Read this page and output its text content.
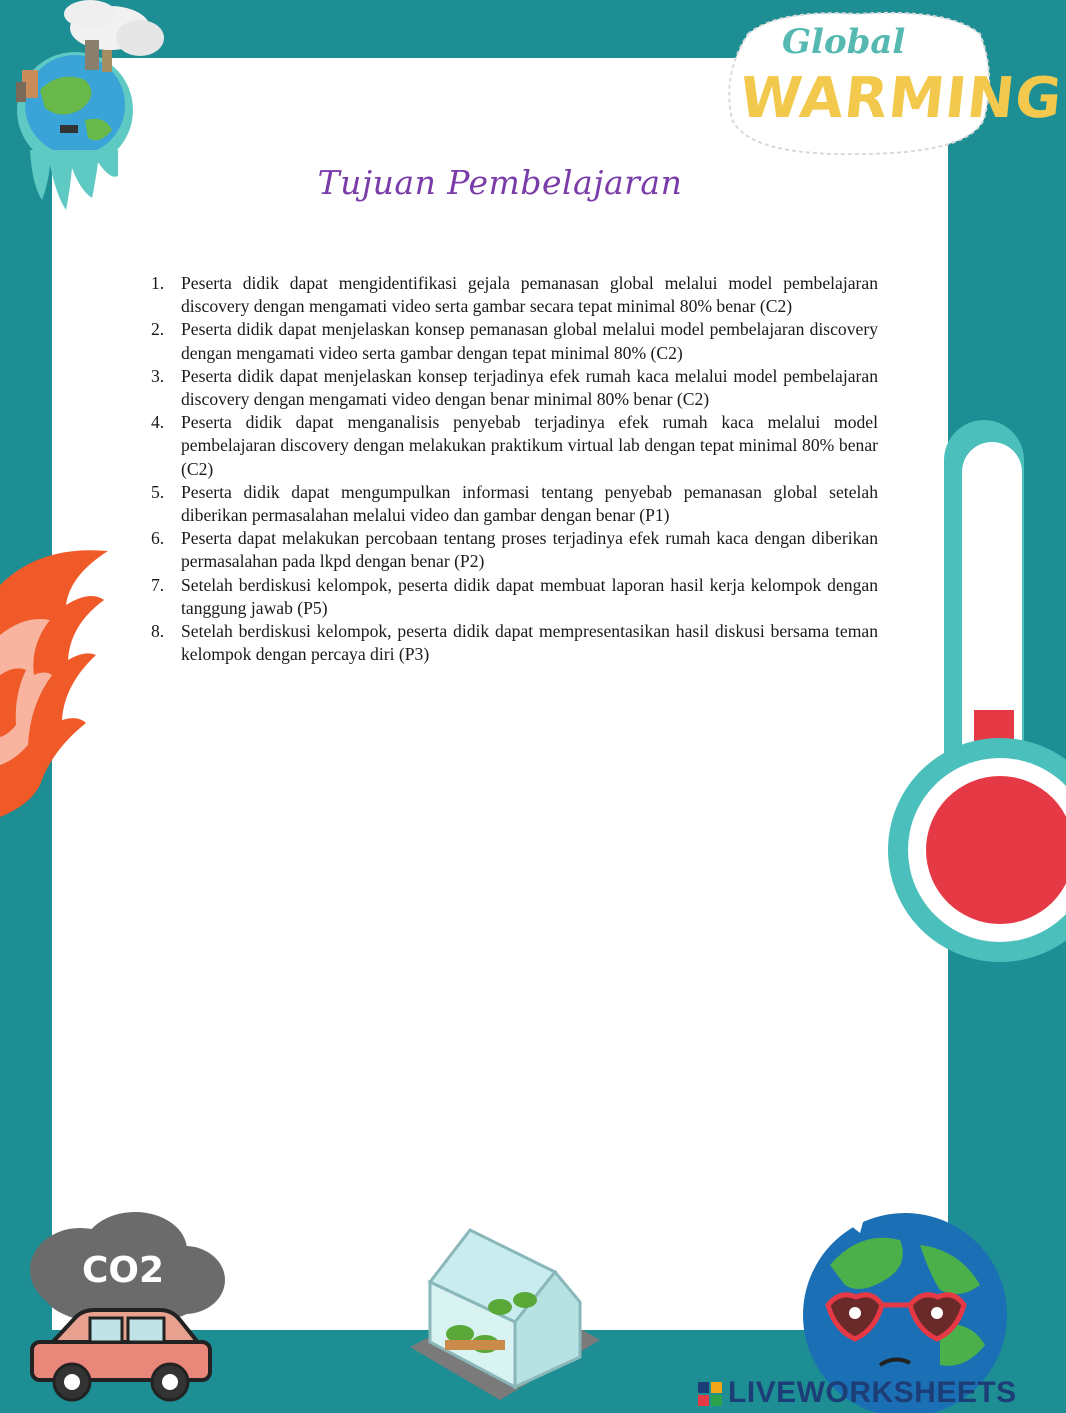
Global
WARMING
Tujuan Pembelajaran
1. Peserta didik dapat mengidentifikasi gejala pemanasan global melalui model pembelajaran discovery dengan mengamati video serta gambar secara tepat minimal 80% benar (C2)
2. Peserta didik dapat menjelaskan konsep pemanasan global melalui model pembelajaran discovery dengan mengamati video serta gambar dengan tepat minimal 80% (C2)
3. Peserta didik dapat menjelaskan konsep terjadinya efek rumah kaca melalui model pembelajaran discovery dengan mengamati video dengan benar minimal 80% benar (C2)
4. Peserta didik dapat menganalisis penyebab terjadinya efek rumah kaca melalui model pembelajaran discovery dengan melakukan praktikum virtual lab dengan tepat minimal 80% benar (C2)
5. Peserta didik dapat mengumpulkan informasi tentang penyebab pemanasan global setelah diberikan permasalahan melalui video dan gambar dengan benar (P1)
6. Peserta dapat melakukan percobaan tentang proses terjadinya efek rumah kaca dengan diberikan permasalahan pada lkpd dengan benar (P2)
7. Setelah berdiskusi kelompok, peserta didik dapat membuat laporan hasil kerja kelompok dengan tanggung jawab (P5)
8. Setelah berdiskusi kelompok, peserta didik dapat mempresentasikan hasil diskusi bersama teman kelompok dengan percaya diri (P3)
CO2
LIVEWORKSHEETS
